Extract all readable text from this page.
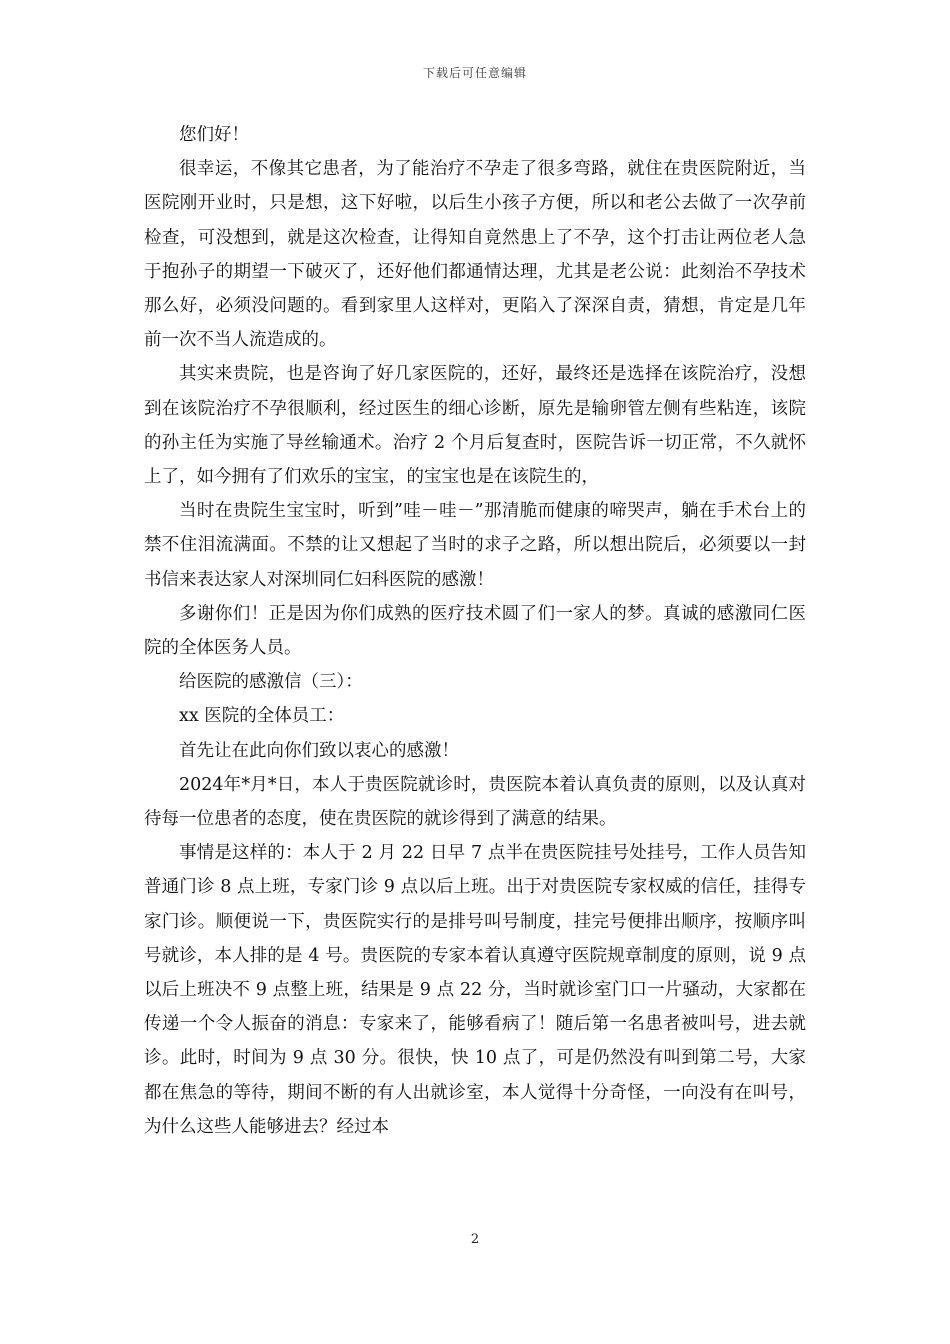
下载后可任意编辑

您们好！

很幸运，不像其它患者，为了能治疗不孕走了很多弯路，就住在贵医院附近，当医院刚开业时，只是想，这下好啦，以后生小孩子方便，所以和老公去做了一次孕前检查，可没想到，就是这次检查，让得知自竟然患上了不孕，这个打击让两位老人急于抱孙子的期望一下破灭了，还好他们都通情达理，尤其是老公说：此刻治不孕技术那么好，必须没问题的。看到家里人这样对，更陷入了深深自责，猜想，肯定是几年前一次不当人流造成的。

其实来贵院，也是咨询了好几家医院的，还好，最终还是选择在该院治疗，没想到在该院治疗不孕很顺利，经过医生的细心诊断，原先是输卵管左侧有些粘连，该院的孙主任为实施了导丝输通术。治疗 2 个月后复查时，医院告诉一切正常，不久就怀上了，如今拥有了们欢乐的宝宝，的宝宝也是在该院生的，

当时在贵院生宝宝时，听到”哇－哇－”那清脆而健康的啼哭声，躺在手术台上的禁不住泪流满面。不禁的让又想起了当时的求子之路，所以想出院后，必须要以一封书信来表达家人对深圳同仁妇科医院的感激！

多谢你们！正是因为你们成熟的医疗技术圆了们一家人的梦。真诚的感激同仁医院的全体医务人员。

给医院的感激信（三）：

xx 医院的全体员工：

首先让在此向你们致以衷心的感激！

2024年*月*日，本人于贵医院就诊时，贵医院本着认真负责的原则，以及认真对待每一位患者的态度，使在贵医院的就诊得到了满意的结果。

事情是这样的：本人于 2 月 22 日早 7 点半在贵医院挂号处挂号，工作人员告知普通门诊 8 点上班，专家门诊 9 点以后上班。出于对贵医院专家权威的信任，挂得专家门诊。顺便说一下，贵医院实行的是排号叫号制度，挂完号便排出顺序，按顺序叫号就诊，本人排的是 4 号。贵医院的专家本着认真遵守医院规章制度的原则，说 9 点以后上班决不 9 点整上班，结果是 9 点 22 分，当时就诊室门口一片骚动，大家都在传递一个令人振奋的消息：专家来了，能够看病了！随后第一名患者被叫号，进去就诊。此时，时间为 9 点 30 分。很快，快 10 点了，可是仍然没有叫到第二号，大家都在焦急的等待，期间不断的有人出就诊室，本人觉得十分奇怪，一向没有在叫号，为什么这些人能够进去？经过本

2
